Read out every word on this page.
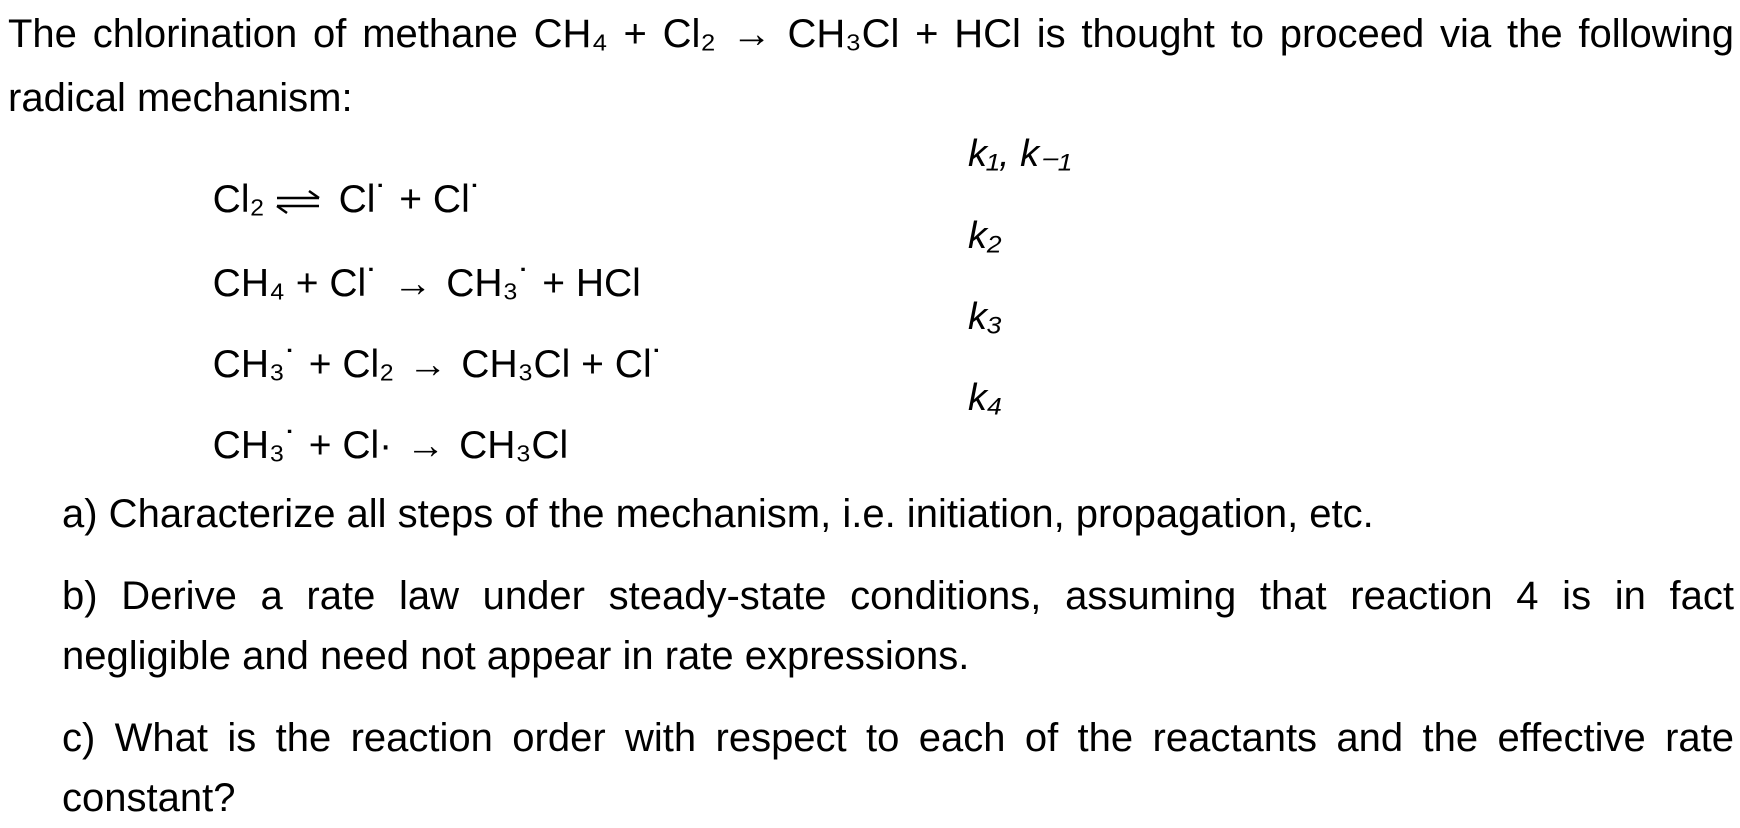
The chlorination of methane CH₄ + Cl₂ → CH₃Cl + HCl is thought to proceed via the following radical mechanism:

Cl₂ ⇌ Cl˙ + Cl˙

k₁, k₋₁

CH₄ + Cl˙ → CH₃˙ + HCl

k₂

CH₃˙ + Cl₂ → CH₃Cl + Cl˙

k₃

CH₃˙ + Cl· → CH₃Cl

k₄

a) Characterize all steps of the mechanism, i.e. initiation, propagation, etc.

b) Derive a rate law under steady-state conditions, assuming that reaction 4 is in fact negligible and need not appear in rate expressions.

c) What is the reaction order with respect to each of the reactants and the effective rate constant?
